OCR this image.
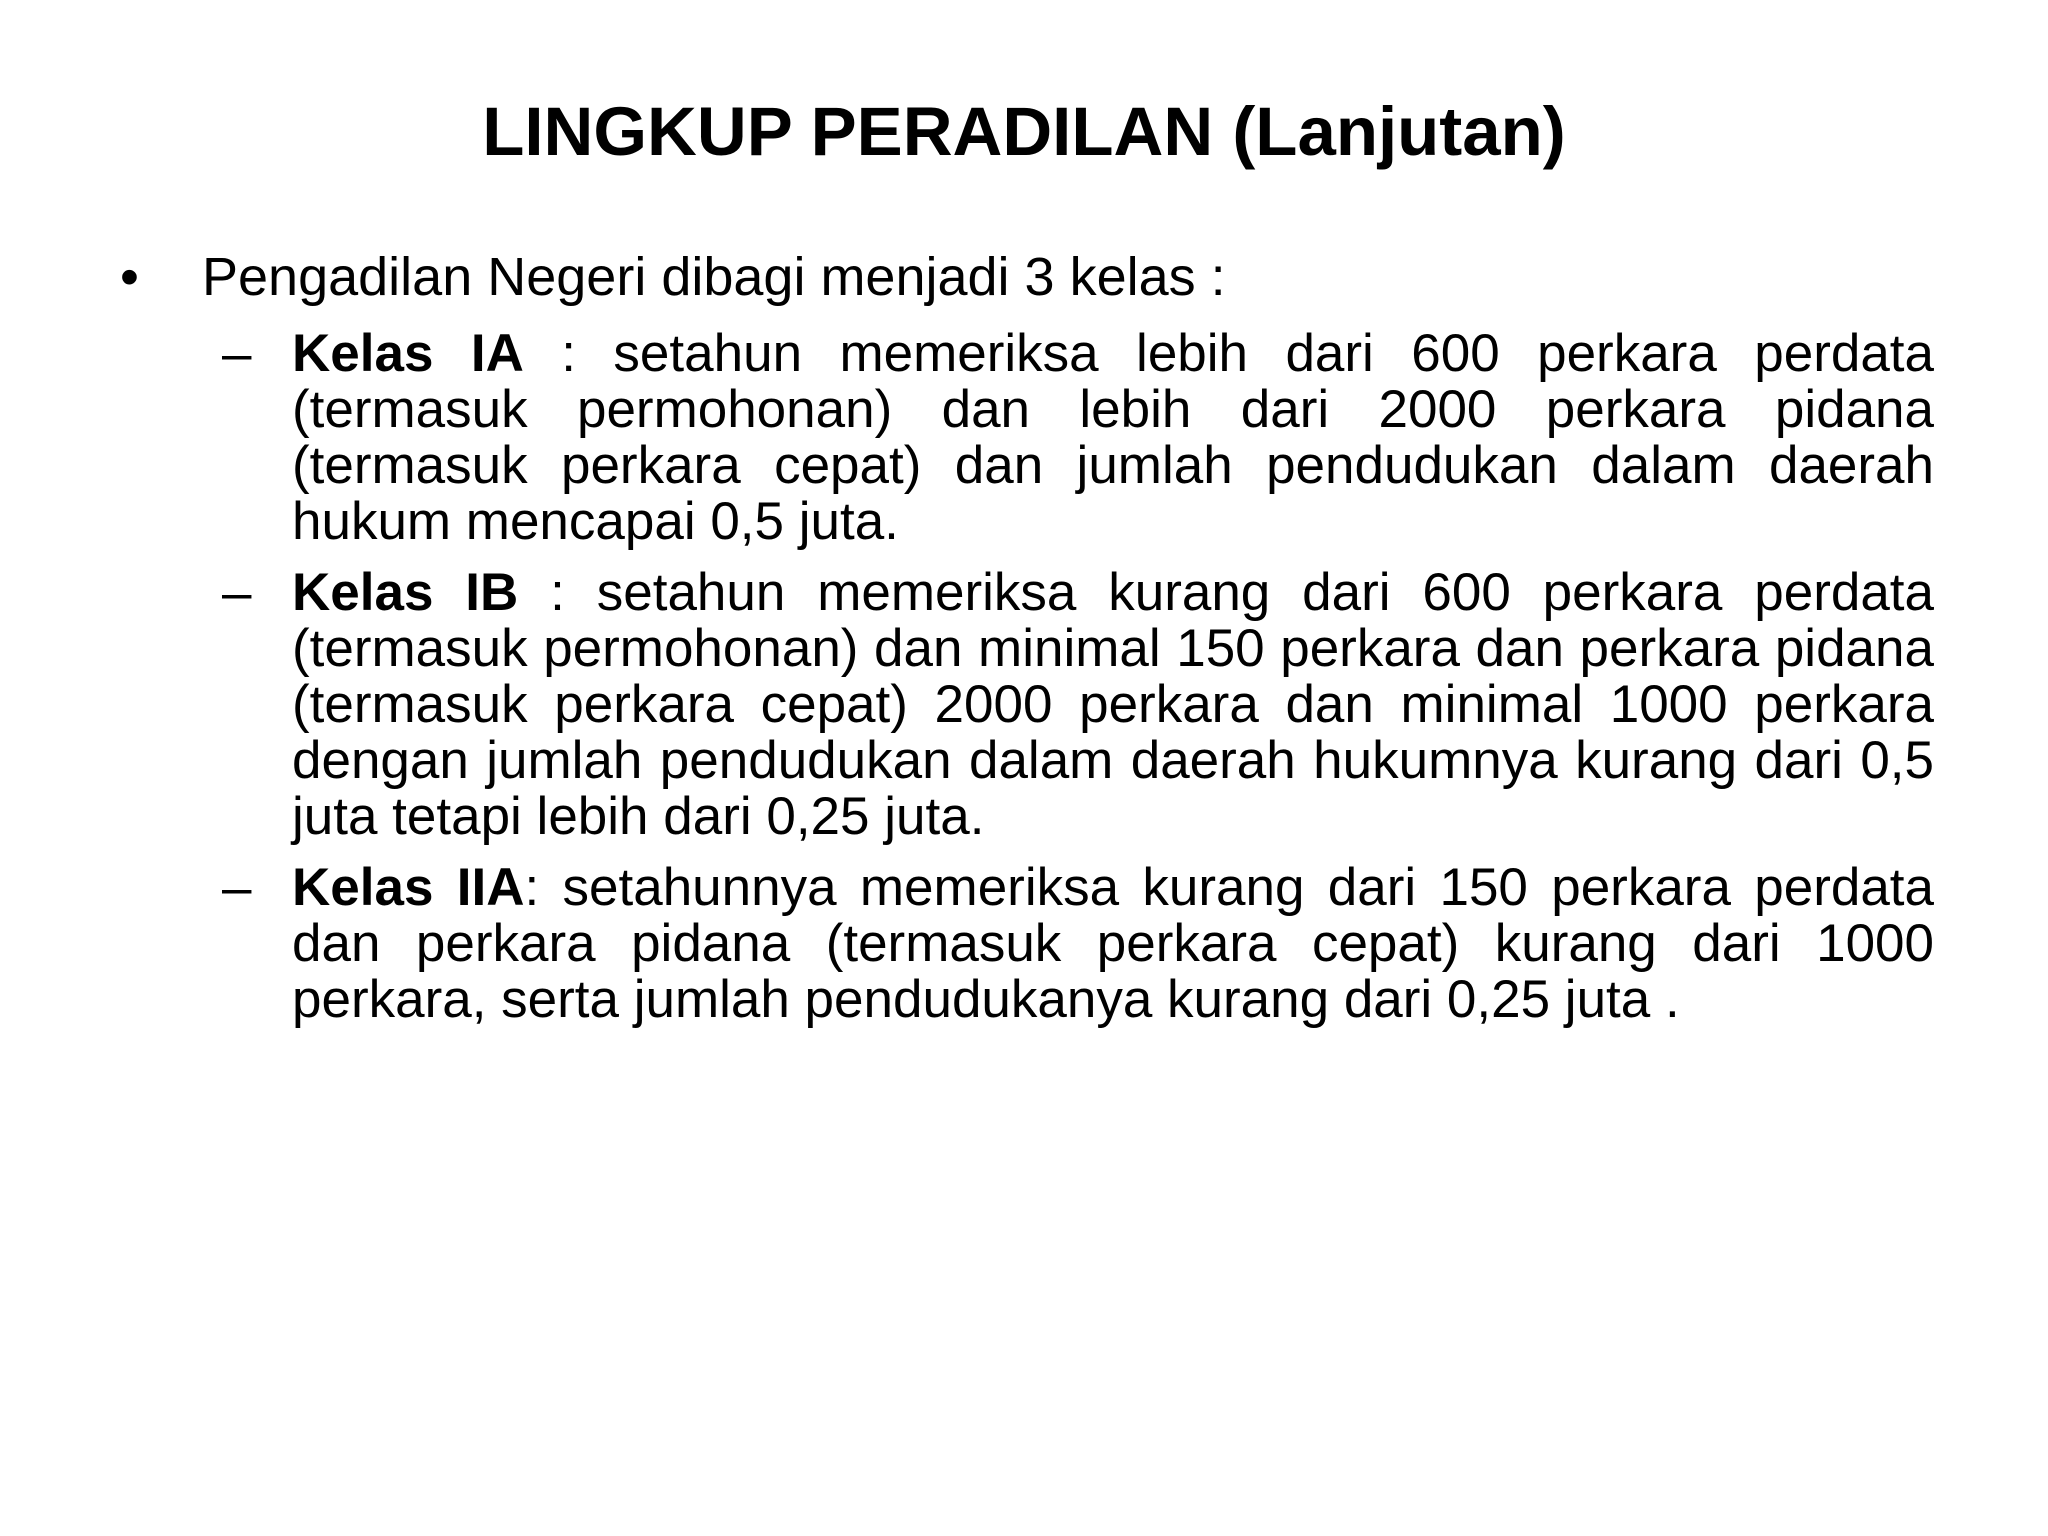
LINGKUP PERADILAN (Lanjutan)
• Pengadilan Negeri dibagi menjadi 3 kelas :
– Kelas IA : setahun memeriksa lebih dari 600 perkara perdata (termasuk permohonan) dan lebih dari 2000 perkara pidana (termasuk perkara cepat) dan jumlah pendudukan dalam daerah hukum mencapai 0,5 juta.
– Kelas IB : setahun memeriksa kurang dari 600 perkara perdata (termasuk permohonan) dan minimal 150 perkara dan perkara pidana (termasuk perkara cepat) 2000 perkara dan minimal 1000 perkara dengan jumlah pendudukan dalam daerah hukumnya kurang dari 0,5 juta tetapi lebih dari 0,25 juta.
– Kelas IIA: setahunnya memeriksa kurang dari 150 perkara perdata dan perkara pidana (termasuk perkara cepat) kurang dari 1000 perkara, serta jumlah pendudukanya kurang dari 0,25 juta .
